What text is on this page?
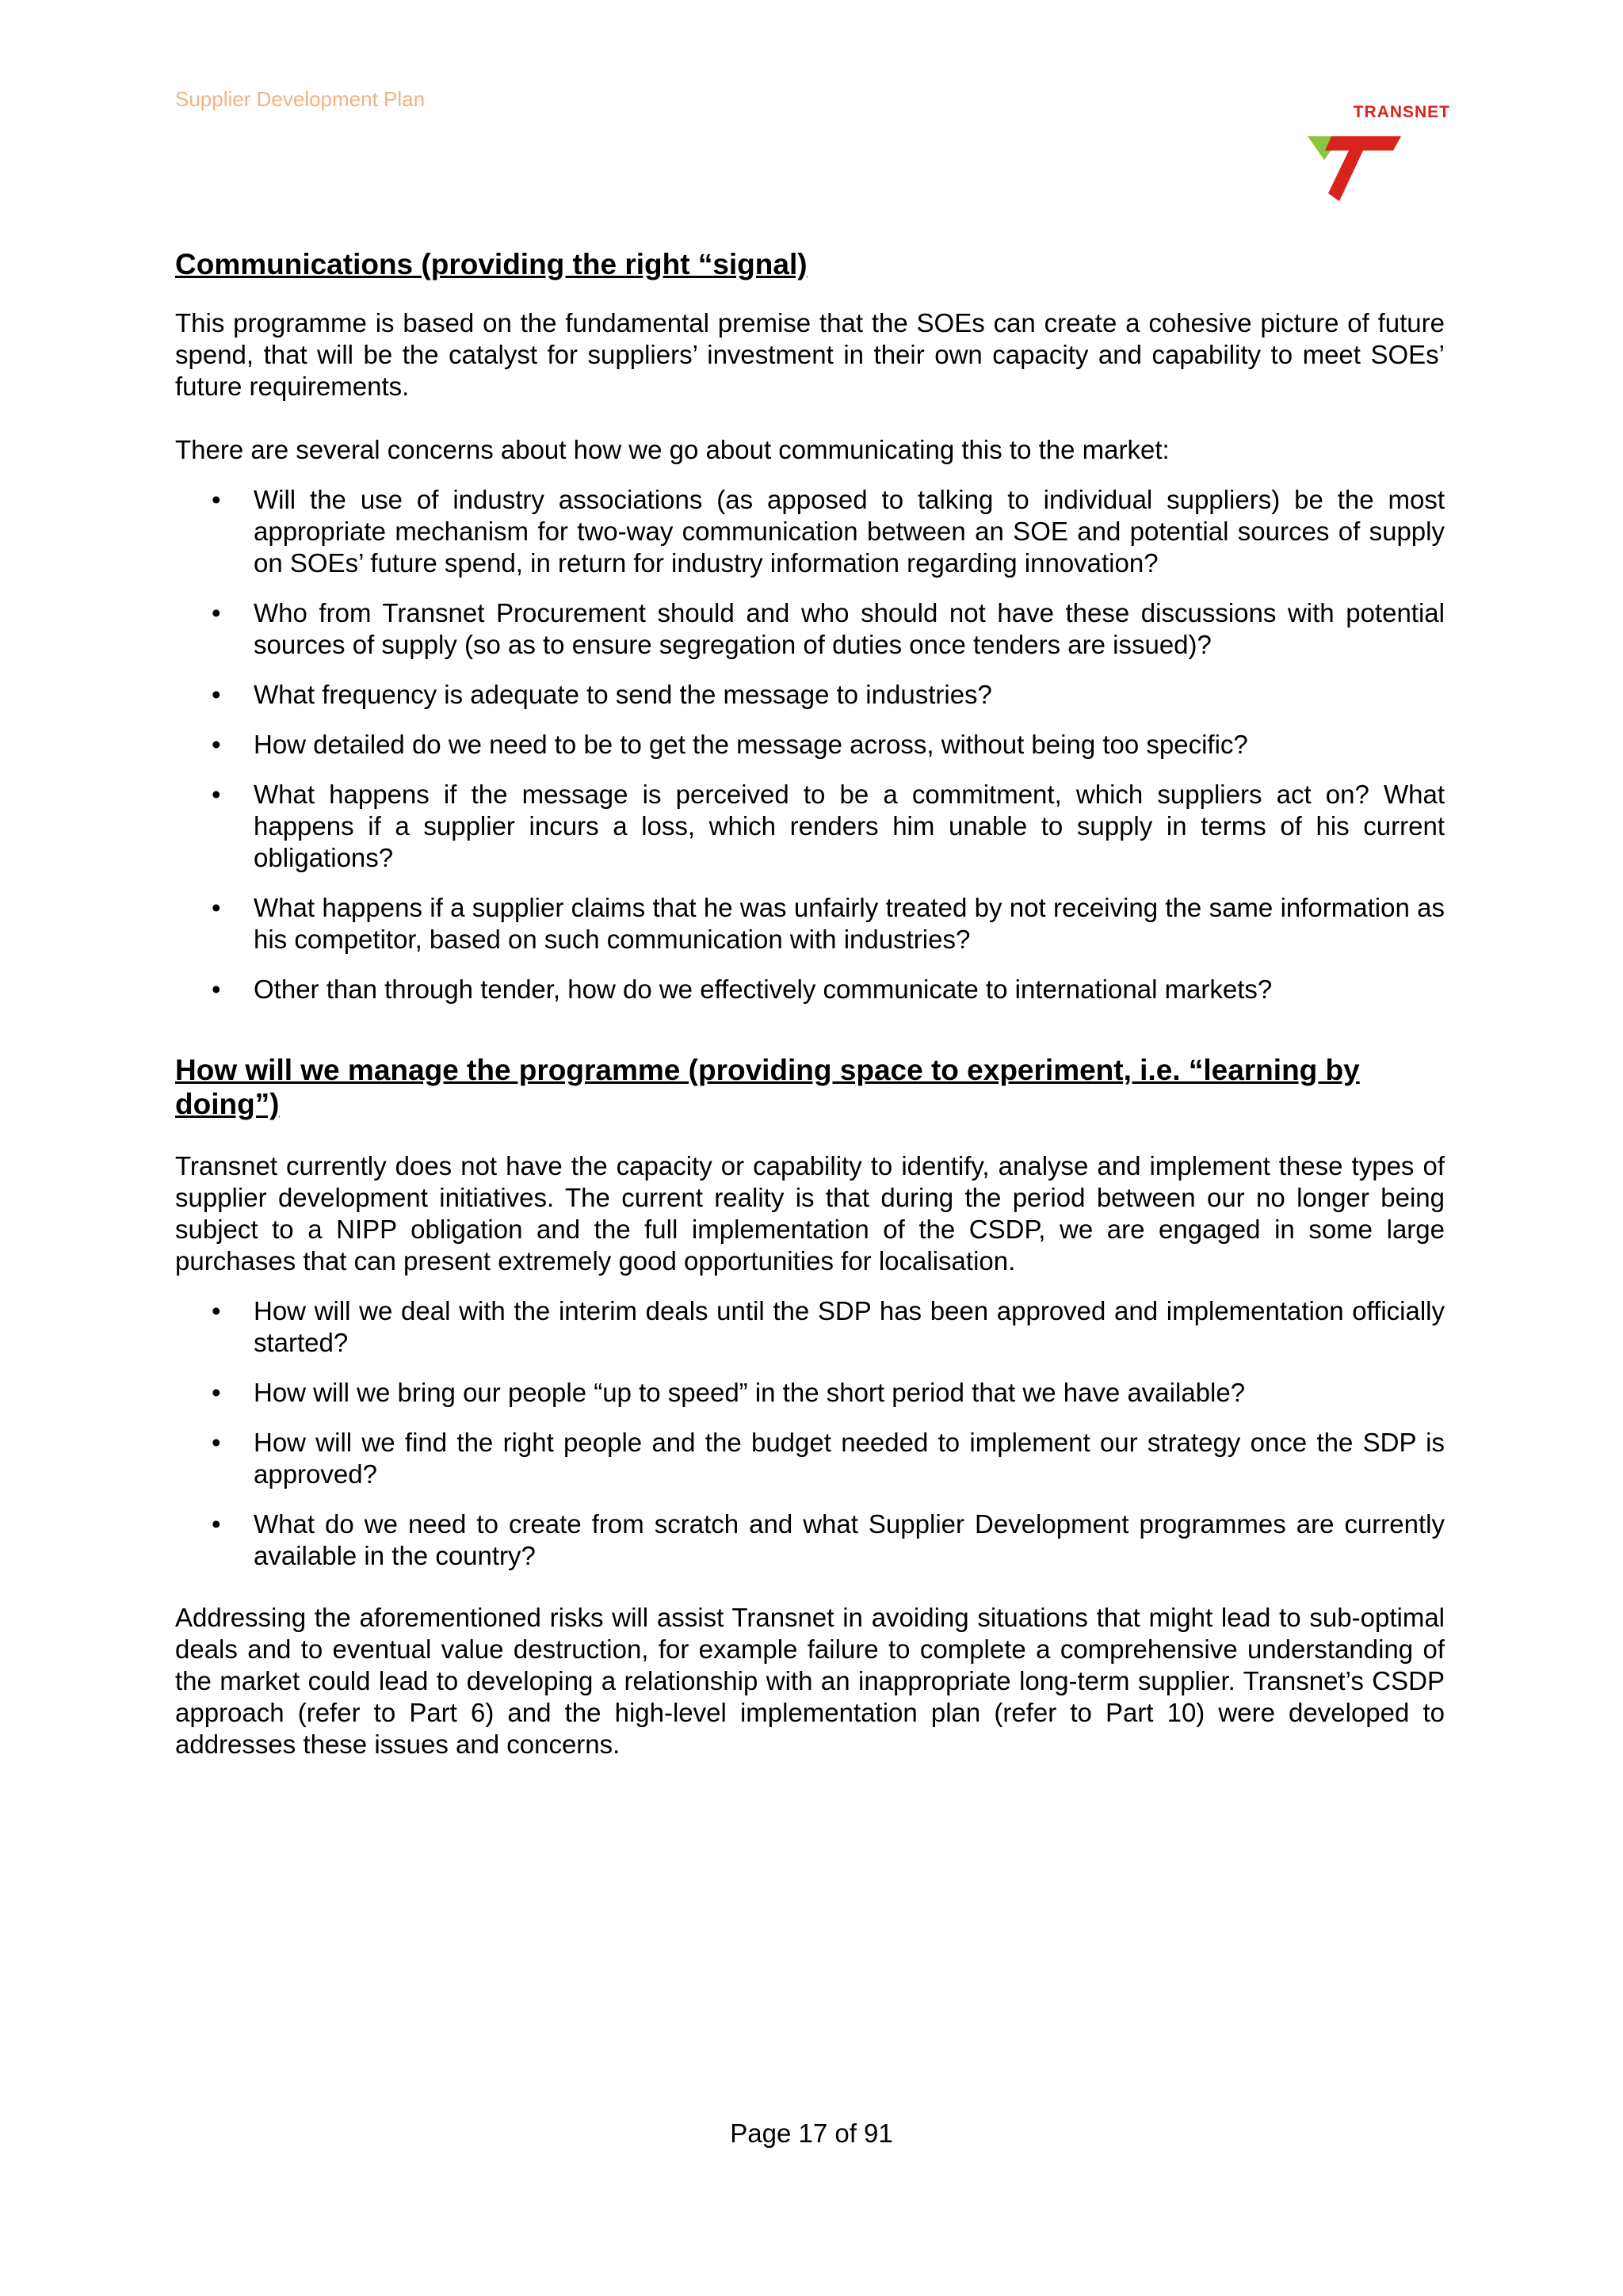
Supplier Development Plan
TRANSNET
Communications (providing the right “signal)

This programme is based on the fundamental premise that the SOEs can create a cohesive picture of future spend, that will be the catalyst for suppliers’ investment in their own capacity and capability to meet SOEs’ future requirements.

There are several concerns about how we go about communicating this to the market:

• Will the use of industry associations (as apposed to talking to individual suppliers) be the most appropriate mechanism for two-way communication between an SOE and potential sources of supply on SOEs’ future spend, in return for industry information regarding innovation?
• Who from Transnet Procurement should and who should not have these discussions with potential sources of supply (so as to ensure segregation of duties once tenders are issued)?
• What frequency is adequate to send the message to industries?
• How detailed do we need to be to get the message across, without being too specific?
• What happens if the message is perceived to be a commitment, which suppliers act on? What happens if a supplier incurs a loss, which renders him unable to supply in terms of his current obligations?
• What happens if a supplier claims that he was unfairly treated by not receiving the same information as his competitor, based on such communication with industries?
• Other than through tender, how do we effectively communicate to international markets?
How will we manage the programme (providing space to experiment, i.e. “learning by doing”)

Transnet currently does not have the capacity or capability to identify, analyse and implement these types of supplier development initiatives. The current reality is that during the period between our no longer being subject to a NIPP obligation and the full implementation of the CSDP, we are engaged in some large purchases that can present extremely good opportunities for localisation.

• How will we deal with the interim deals until the SDP has been approved and implementation officially started?
• How will we bring our people “up to speed” in the short period that we have available?
• How will we find the right people and the budget needed to implement our strategy once the SDP is approved?
• What do we need to create from scratch and what Supplier Development programmes are currently available in the country?

Addressing the aforementioned risks will assist Transnet in avoiding situations that might lead to sub-optimal deals and to eventual value destruction, for example failure to complete a comprehensive understanding of the market could lead to developing a relationship with an inappropriate long-term supplier. Transnet’s CSDP approach (refer to Part 6) and the high-level implementation plan (refer to Part 10) were developed to addresses these issues and concerns.

Page 17 of 91
